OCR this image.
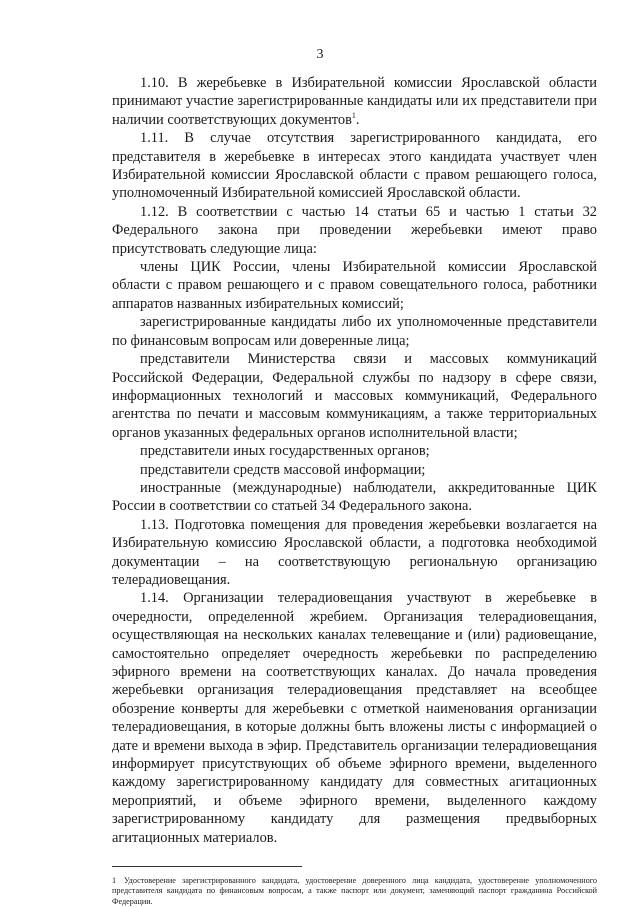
3

1.10. В жеребьевке в Избирательной комиссии Ярославской области принимают участие зарегистрированные кандидаты или их представители при наличии соответствующих документов$^1$.

1.11. В случае отсутствия зарегистрированного кандидата, его представителя в жеребьевке в интересах этого кандидата участвует член Избирательной комиссии Ярославской области с правом решающего голоса, уполномоченный Избирательной комиссией Ярославской области.

1.12. В соответствии с частью 14 статьи 65 и частью 1 статьи 32 Федерального закона при проведении жеребьевки имеют право присутствовать следующие лица:

члены ЦИК России, члены Избирательной комиссии Ярославской области с правом решающего и с правом совещательного голоса, работники аппаратов названных избирательных комиссий;

зарегистрированные кандидаты либо их уполномоченные представители по финансовым вопросам или доверенные лица;

представители Министерства связи и массовых коммуникаций Российской Федерации, Федеральной службы по надзору в сфере связи, информационных технологий и массовых коммуникаций, Федерального агентства по печати и массовым коммуникациям, а также территориальных органов указанных федеральных органов исполнительной власти;

представители иных государственных органов;

представители средств массовой информации;

иностранные (международные) наблюдатели, аккредитованные ЦИК России в соответствии со статьей 34 Федерального закона.

1.13. Подготовка помещения для проведения жеребьевки возлагается на Избирательную комиссию Ярославской области, а подготовка необходимой документации – на соответствующую региональную организацию телерадиовещания.

1.14. Организации телерадиовещания участвуют в жеребьевке в очередности, определенной жребием. Организация телерадиовещания, осуществляющая на нескольких каналах телевещание и (или) радиовещание, самостоятельно определяет очередность жеребьевки по распределению эфирного времени на соответствующих каналах. До начала проведения жеребьевки организация телерадиовещания представляет на всеобщее обозрение конверты для жеребьевки с отметкой наименования организации телерадиовещания, в которые должны быть вложены листы с информацией о дате и времени выхода в эфир. Представитель организации телерадиовещания информирует присутствующих об объеме эфирного времени, выделенного каждому зарегистрированному кандидату для совместных агитационных мероприятий, и объеме эфирного времени, выделенного каждому зарегистрированному кандидату для размещения предвыборных агитационных материалов.

1 Удостоверение зарегистрированного кандидата, удостоверение доверенного лица кандидата, удостоверение уполномоченного представителя кандидата по финансовым вопросам, а также паспорт или документ, заменяющий паспорт гражданина Российской Федерации.
